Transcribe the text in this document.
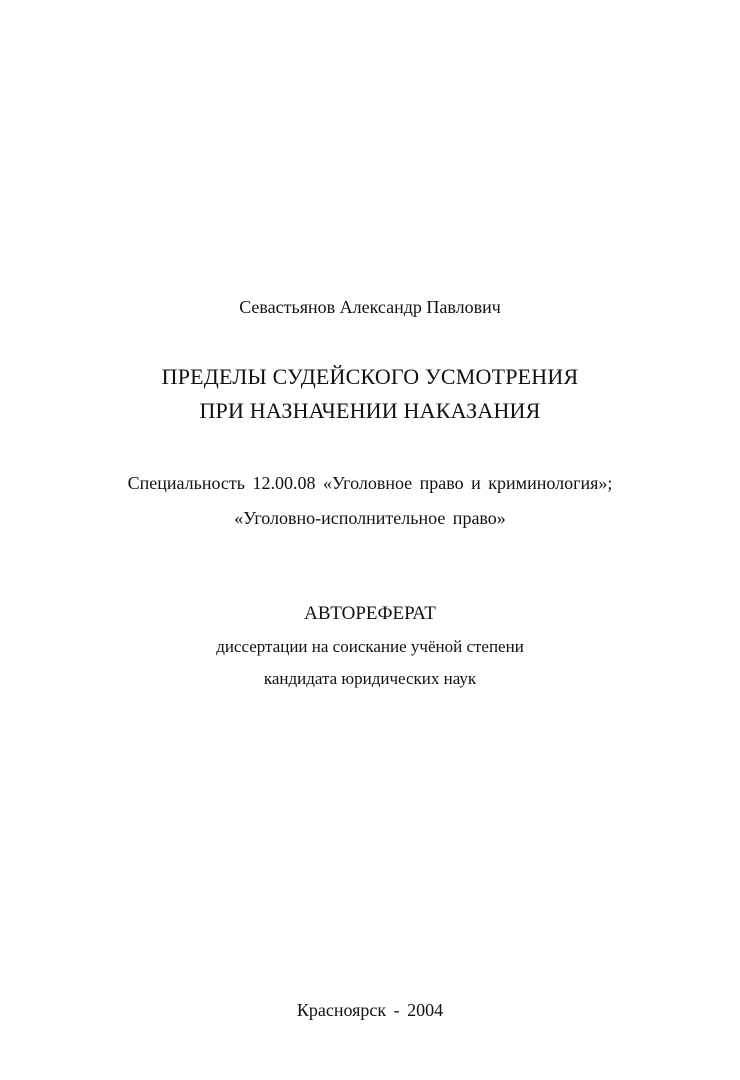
Севастьянов Александр Павлович
ПРЕДЕЛЫ СУДЕЙСКОГО УСМОТРЕНИЯ
ПРИ НАЗНАЧЕНИИ НАКАЗАНИЯ
Специальность 12.00.08 «Уголовное право и криминология»;
«Уголовно-исполнительное право»
АВТОРЕФЕРАТ
диссертации на соискание учёной степени
кандидата юридических наук
Красноярск - 2004
